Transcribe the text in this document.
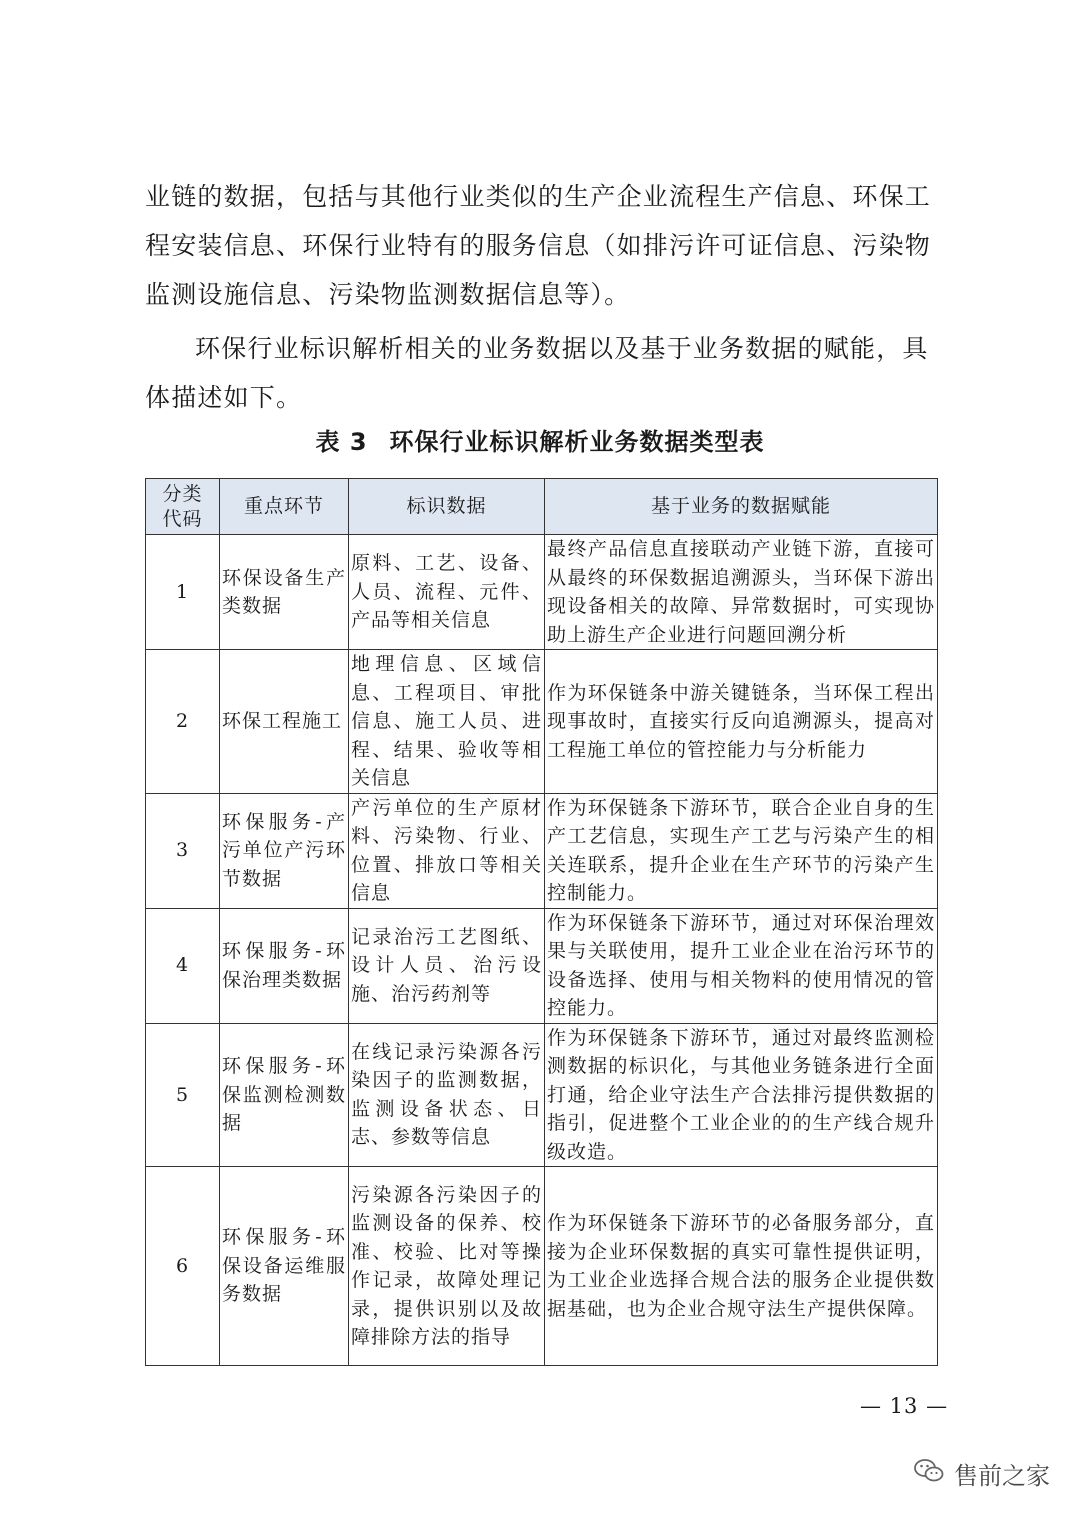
业链的数据，包括与其他行业类似的生产企业流程生产信息、环保工程安装信息、环保行业特有的服务信息（如排污许可证信息、污染物监测设施信息、污染物监测数据信息等）。

环保行业标识解析相关的业务数据以及基于业务数据的赋能，具体描述如下。

表 3 环保行业标识解析业务数据类型表
分类代码	重点环节	标识数据	基于业务的数据赋能
1	环保设备生产类数据	原料、工艺、设备、人员、流程、元件、产品等相关信息	最终产品信息直接联动产业链下游，直接可从最终的环保数据追溯源头，当环保下游出现设备相关的故障、异常数据时，可实现协助上游生产企业进行问题回溯分析
2	环保工程施工	地理信息、区域信息、工程项目、审批信息、施工人员、进程、结果、验收等相关信息	作为环保链条中游关键链条，当环保工程出现事故时，直接实行反向追溯源头，提高对工程施工单位的管控能力与分析能力
3	环保服务-产污单位产污环节数据	产污单位的生产原材料、污染物、行业、位置、排放口等相关信息	作为环保链条下游环节，联合企业自身的生产工艺信息，实现生产工艺与污染产生的相关连联系，提升企业在生产环节的污染产生控制能力。
4	环保服务-环保治理类数据	记录治污工艺图纸、设计人员、治污设施、治污药剂等	作为环保链条下游环节，通过对环保治理效果与关联使用，提升工业企业在治污环节的设备选择、使用与相关物料的使用情况的管控能力。
5	环保服务-环保监测检测数据	在线记录污染源各污染因子的监测数据，监测设备状态、日志、参数等信息	作为环保链条下游环节，通过对最终监测检测数据的标识化，与其他业务链条进行全面打通，给企业守法生产合法排污提供数据的指引，促进整个工业企业的的生产线合规升级改造。
6	环保服务-环保设备运维服务数据	污染源各污染因子的监测设备的保养、校准、校验、比对等操作记录，故障处理记录，提供识别以及故障排除方法的指导	作为环保链条下游环节的必备服务部分，直接为企业环保数据的真实可靠性提供证明，为工业企业选择合规合法的服务企业提供数据基础，也为企业合规守法生产提供保障。
— 13 —
售前之家
